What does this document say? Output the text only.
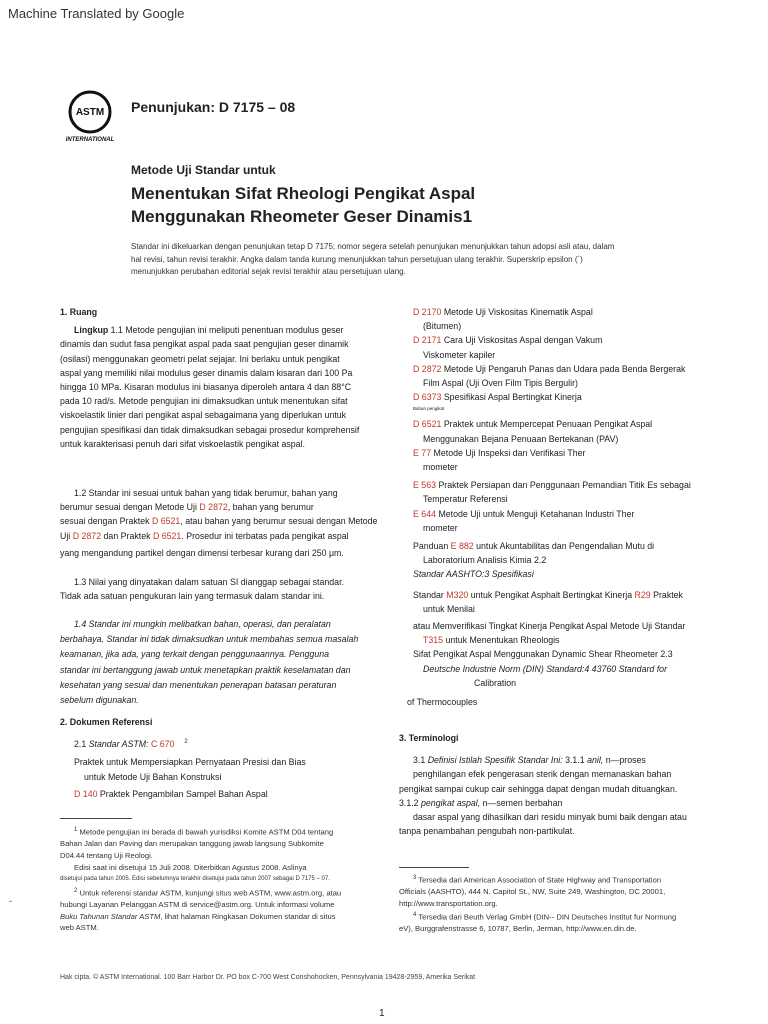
Machine Translated by Google
ASTM
INTERNATIONAL
Penunjukan: D 7175 – 08
Metode Uji Standar untuk
Menentukan Sifat Rheologi Pengikat Aspal
Menggunakan Rheometer Geser Dinamis1

Standar ini dikeluarkan dengan penunjukan tetap D 7175; nomor segera setelah penunjukan menunjukkan tahun adopsi asli atau, dalam

hal revisi, tahun revisi terakhir. Angka dalam tanda kurung menunjukkan tahun persetujuan ulang terakhir. Superskrip epsilon (´)

menunjukkan perubahan editorial sejak revisi terakhir atau persetujuan ulang.

1. Ruang

Lingkup 1.1 Metode pengujian ini meliputi penentuan modulus geser

dinamis dan sudut fasa pengikat aspal pada saat pengujian geser dinamik

(osilasi) menggunakan geometri pelat sejajar. Ini berlaku untuk pengikat

aspal yang memiliki nilai modulus geser dinamis dalam kisaran dari 100 Pa

hingga 10 MPa. Kisaran modulus ini biasanya diperoleh antara 4 dan 88°C

pada 10 rad/s. Metode pengujian ini dimaksudkan untuk menentukan sifat

viskoelastik linier dari pengikat aspal sebagaimana yang diperlukan untuk

pengujian spesifikasi dan tidak dimaksudkan sebagai prosedur komprehensif

untuk karakterisasi penuh dari sifat viskoelastik pengikat aspal.

1.2 Standar ini sesuai untuk bahan yang tidak berumur, bahan yang

berumur sesuai dengan Metode Uji D 2872, bahan yang berumur

sesuai dengan Praktek D 6521, atau bahan yang berumur sesuai dengan Metode

Uji D 2872 dan Praktek D 6521. Prosedur ini terbatas pada pengikat aspal

yang mengandung partikel dengan dimensi terbesar kurang dari 250 μm.

1.3 Nilai yang dinyatakan dalam satuan SI dianggap sebagai standar.

Tidak ada satuan pengukuran lain yang termasuk dalam standar ini.

1.4 Standar ini mungkin melibatkan bahan, operasi, dan peralatan

berbahaya. Standar ini tidak dimaksudkan untuk membahas semua masalah

keamanan, jika ada, yang terkait dengan penggunaannya. Pengguna

standar ini bertanggung jawab untuk menetapkan praktik keselamatan dan

kesehatan yang sesuai dan menentukan penerapan batasan peraturan

sebelum digunakan.

2. Dokumen Referensi

2.1 Standar ASTM: C 670 $^2$

Praktek untuk Mempersiapkan Pernyataan Presisi dan Bias

untuk Metode Uji Bahan Konstruksi

D 140 Praktek Pengambilan Sampel Bahan Aspal

$^1$ Metode pengujian ini berada di bawah yurisdiksi Komite ASTM D04 tentang

Bahan Jalan dan Paving dan merupakan tanggung jawab langsung Subkomite

D04.44 tentang Uji Reologi.

Edisi saat ini disetujui 15 Juli 2008. Diterbitkan Agustus 2008. Aslinya

disetujui pada tahun 2005. Edisi sebelumnya terakhir disetujui pada tahun 2007 sebagai D 7175 – 07.

$^2$ Untuk referensi standar ASTM, kunjungi situs web ASTM, www.astm.org, atau

hubungi Layanan Pelanggan ASTM di service@astm.org. Untuk informasi volume

Buku Tahunan Standar ASTM, lihat halaman Ringkasan Dokumen standar di situs

web ASTM.

-

D 2170 Metode Uji Viskositas Kinematik Aspal

(Bitumen)

D 2171 Cara Uji Viskositas Aspal dengan Vakum

Viskometer kapiler

D 2872 Metode Uji Pengaruh Panas dan Udara pada Benda Bergerak

Film Aspal (Uji Oven Film Tipis Bergulir)

D 6373 Spesifikasi Aspal Bertingkat Kinerja

Bahan pengikat

D 6521 Praktek untuk Mempercepat Penuaan Pengikat Aspal

Menggunakan Bejana Penuaan Bertekanan (PAV)

E 77 Metode Uji Inspeksi dan Verifikasi Ther

mometer

E 563 Praktek Persiapan dan Penggunaan Pemandian Titik Es sebagai

Temperatur Referensi

E 644 Metode Uji untuk Menguji Ketahanan Industri Ther

mometer

Panduan E 882 untuk Akuntabilitas dan Pengendalian Mutu di

Laboratorium Analisis Kimia 2.2

Standar AASHTO:3 Spesifikasi

Standar M320 untuk Pengikat Asphalt Bertingkat Kinerja R29 Praktek

untuk Menilai

atau Memverifikasi Tingkat Kinerja Pengikat Aspal Metode Uji Standar

T315 untuk Menentukan Rheologis

Sifat Pengikat Aspal Menggunakan Dynamic Shear Rheometer 2.3

Deutsche Industrie Norm (DIN) Standard:4 43760 Standard for

Calibration

of Thermocouples

3. Terminologi

3.1 Definisi Istilah Spesifik Standar Ini: 3.1.1 anil, n—proses

penghilangan efek pengerasan sterik dengan memanaskan bahan

pengikat sampai cukup cair sehingga dapat dengan mudah dituangkan.

3.1.2 pengikat aspal, n—semen berbahan

dasar aspal yang dihasilkan dari residu minyak bumi baik dengan atau

tanpa penambahan pengubah non-partikulat.

$^3$ Tersedia dari American Association of State Highway and Transportation

Officials (AASHTO), 444 N. Capitol St., NW, Suite 249, Washington, DC 20001,

http://www.transportation.org.

$^4$ Tersedia dari Beuth Verlag GmbH (DIN-- DIN Deutsches Institut fur Normung

eV), Burggrafenstrasse 6, 10787, Berlin, Jerman, http://www.en.din.de.

Hak cipta. © ASTM International. 100 Barr Harbor Dr. PO box C-700 West Conshohocken, Pennsylvania 19428-2959, Amerika Serikat
1
